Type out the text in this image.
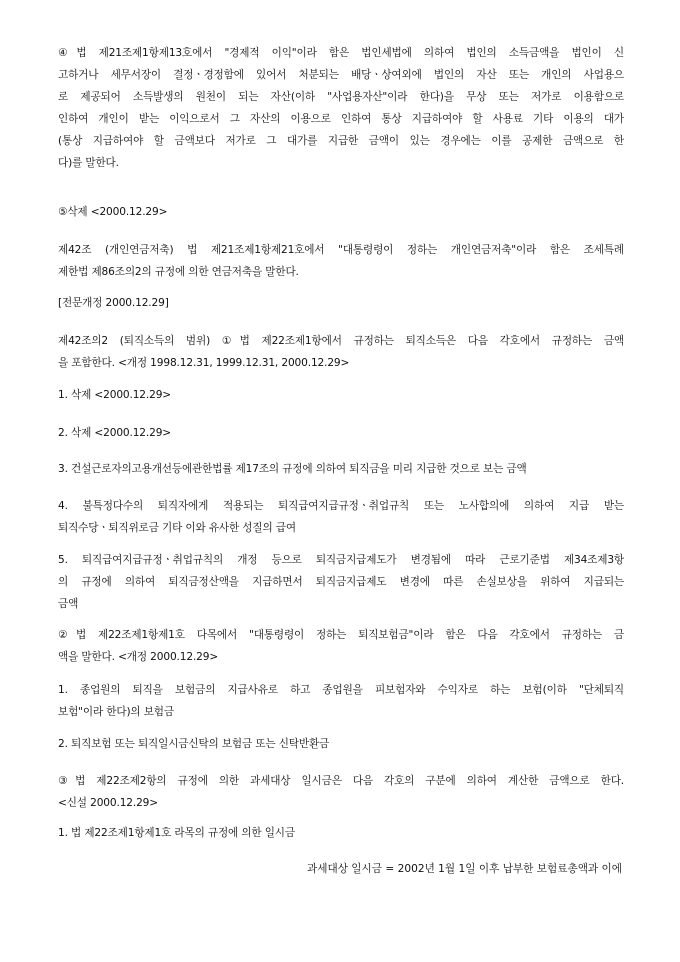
④법 제21조제1항제13호에서 "경제적 이익"이라 함은 법인세법에 의하여 법인의 소득금액을 법인이 신
고하거나 세무서장이 결정ㆍ경정함에 있어서 처분되는 배당ㆍ상여외에 법인의 자산 또는 개인의 사업용으
로 제공되어 소득발생의 원천이 되는 자산(이하 "사업용자산"이라 한다)을 무상 또는 저가로 이용함으로
인하여 개인이 받는 이익으로서 그 자산의 이용으로 인하여 통상 지급하여야 할 사용료 기타 이용의 대가
(통상 지급하여야 할 금액보다 저가로 그 대가를 지급한 금액이 있는 경우에는 이를 공제한 금액으로 한
다)를 말한다.
⑤삭제 <2000.12.29>
제42조 (개인연금저축) 법 제21조제1항제21호에서 "대통령령이 정하는 개인연금저축"이라 함은 조세특례
제한법 제86조의2의 규정에 의한 연금저축을 말한다.
[전문개정 2000.12.29]
제42조의2 (퇴직소득의 범위) ①법 제22조제1항에서 규정하는 퇴직소득은 다음 각호에서 규정하는 금액
을 포함한다. <개정 1998.12.31, 1999.12.31, 2000.12.29>
1. 삭제 <2000.12.29>
2. 삭제 <2000.12.29>
3. 건설근로자의고용개선등에관한법률 제17조의 규정에 의하여 퇴직금을 미리 지급한 것으로 보는 금액
4. 불특정다수의 퇴직자에게 적용되는 퇴직급여지급규정ㆍ취업규칙 또는 노사합의에 의하여 지급 받는
퇴직수당ㆍ퇴직위로금 기타 이와 유사한 성질의 급여
5. 퇴직급여지급규정ㆍ취업규칙의 개정 등으로 퇴직금지급제도가 변경됨에 따라 근로기준법 제34조제3항
의 규정에 의하여 퇴직금정산액을 지급하면서 퇴직금지급제도 변경에 따른 손실보상을 위하여 지급되는
금액
②법 제22조제1항제1호 다목에서 "대통령령이 정하는 퇴직보험금"이라 함은 다음 각호에서 규정하는 금
액을 말한다. <개정 2000.12.29>
1. 종업원의 퇴직을 보험금의 지급사유로 하고 종업원을 피보험자와 수익자로 하는 보험(이하 "단체퇴직
보험"이라 한다)의 보험금
2. 퇴직보험 또는 퇴직일시금신탁의 보험금 또는 신탁반환금
③법 제22조제2항의 규정에 의한 과세대상 일시금은 다음 각호의 구분에 의하여 계산한 금액으로 한다.
<신설 2000.12.29>
1. 법 제22조제1항제1호 라목의 규정에 의한 일시금
과세대상 일시금 = 2002년 1월 1일 이후 납부한 보험료총액과 이에
